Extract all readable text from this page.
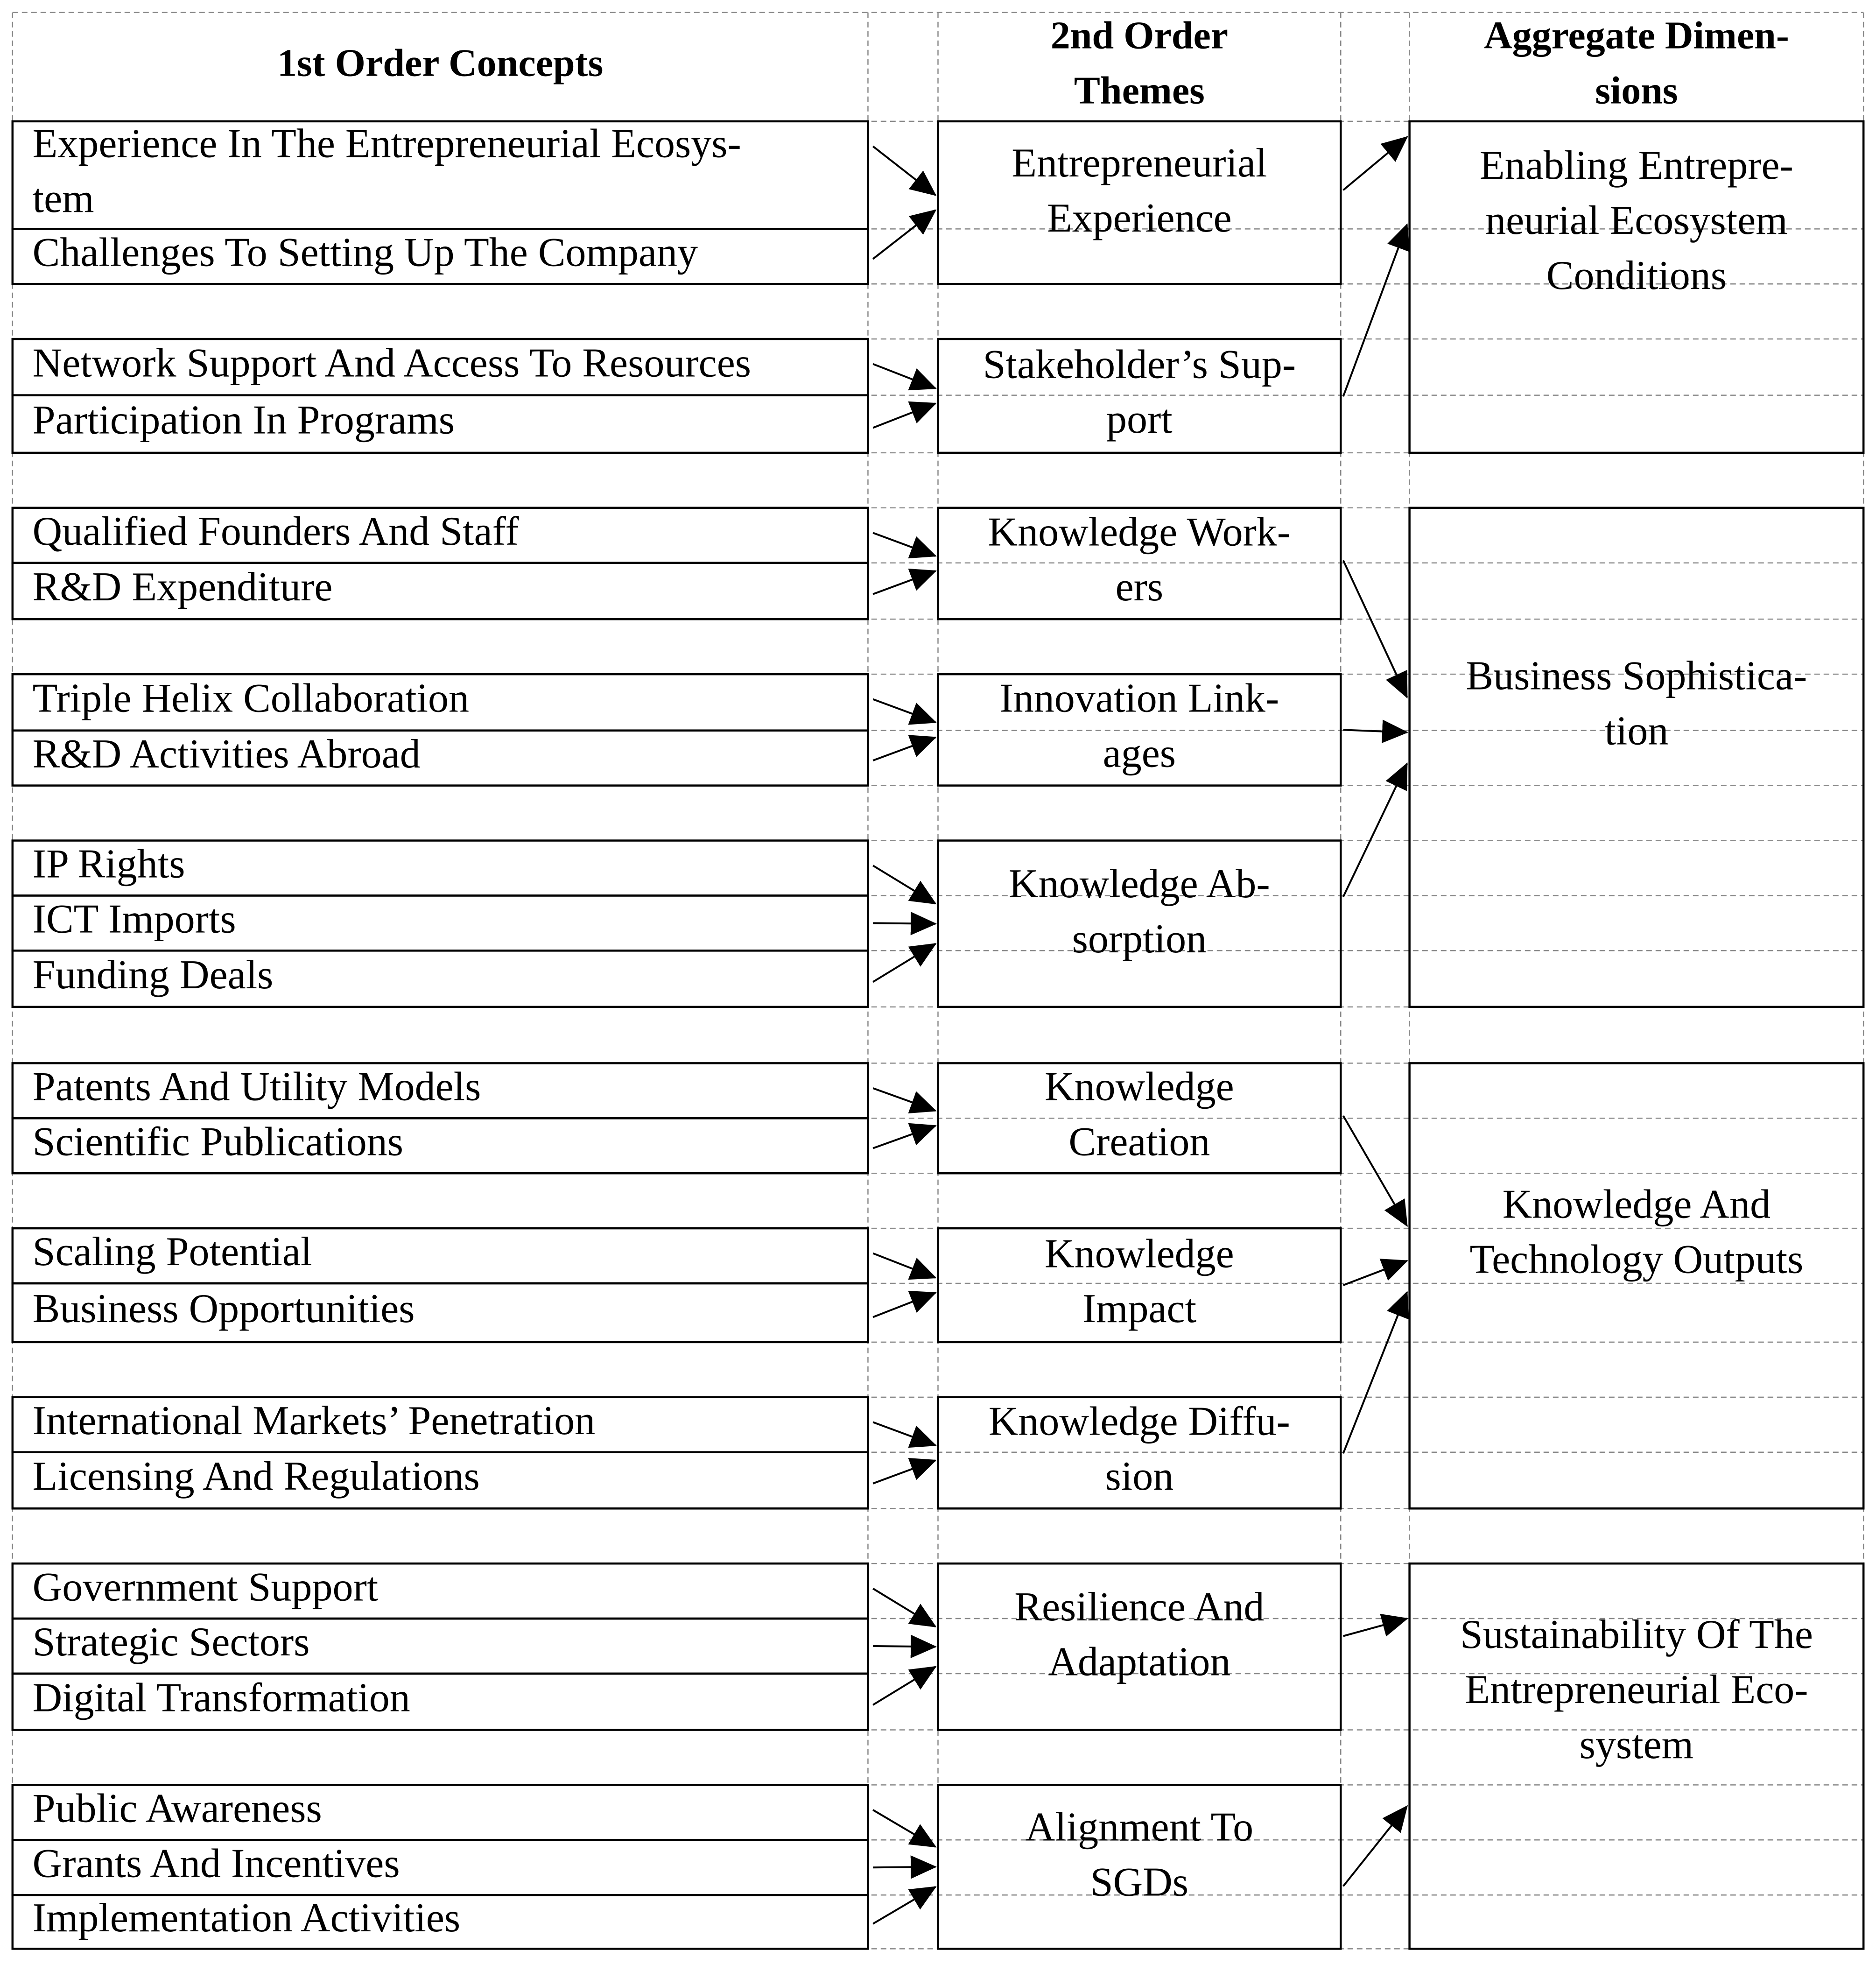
1st Order Concepts
2nd Order
Themes
Aggregate Dimen-
sions
Experience In The Entrepreneurial Ecosys-
tem
Challenges To Setting Up The Company
Network Support And Access To Resources
Participation In Programs
Qualified Founders And Staff
R&D Expenditure
Triple Helix Collaboration
R&D Activities Abroad
IP Rights
ICT Imports
Funding Deals
Patents And Utility Models
Scientific Publications
Scaling Potential
Business Opportunities
International Markets’ Penetration
Licensing And Regulations
Government Support
Strategic Sectors
Digital Transformation
Public Awareness
Grants And Incentives
Implementation Activities
Entrepreneurial
Experience
Stakeholder’s Sup-
port
Knowledge Work-
ers
Innovation Link-
ages
Knowledge Ab-
sorption
Knowledge
Creation
Knowledge
Impact
Knowledge Diffu-
sion
Resilience And
Adaptation
Alignment To
SGDs
Enabling Entrepre-
neurial Ecosystem
Conditions
Business Sophistica-
tion
Knowledge And
Technology Outputs
Sustainability Of The
Entrepreneurial Eco-
system
